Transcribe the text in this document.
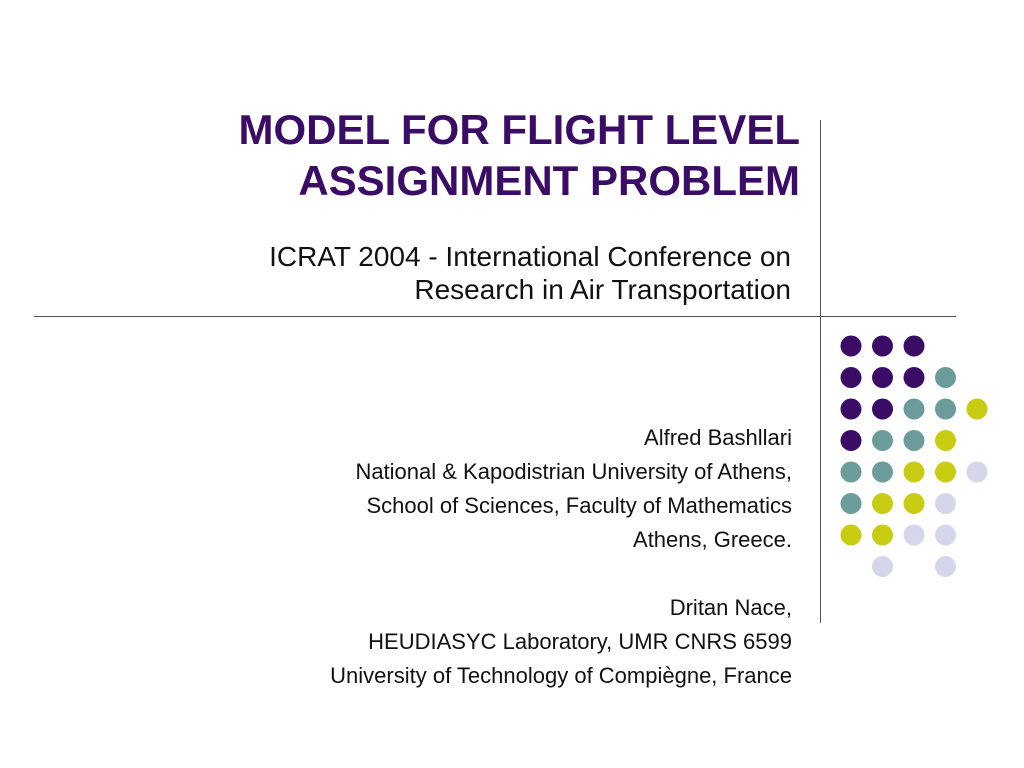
MODEL FOR FLIGHT LEVEL
ASSIGNMENT PROBLEM
ICRAT 2004 - International Conference on
Research in Air Transportation
Alfred Bashllari
National & Kapodistrian University of Athens,
School of Sciences, Faculty of Mathematics
Athens, Greece.
Dritan Nace,
HEUDIASYC Laboratory, UMR CNRS 6599
University of Technology of Compiègne, France
